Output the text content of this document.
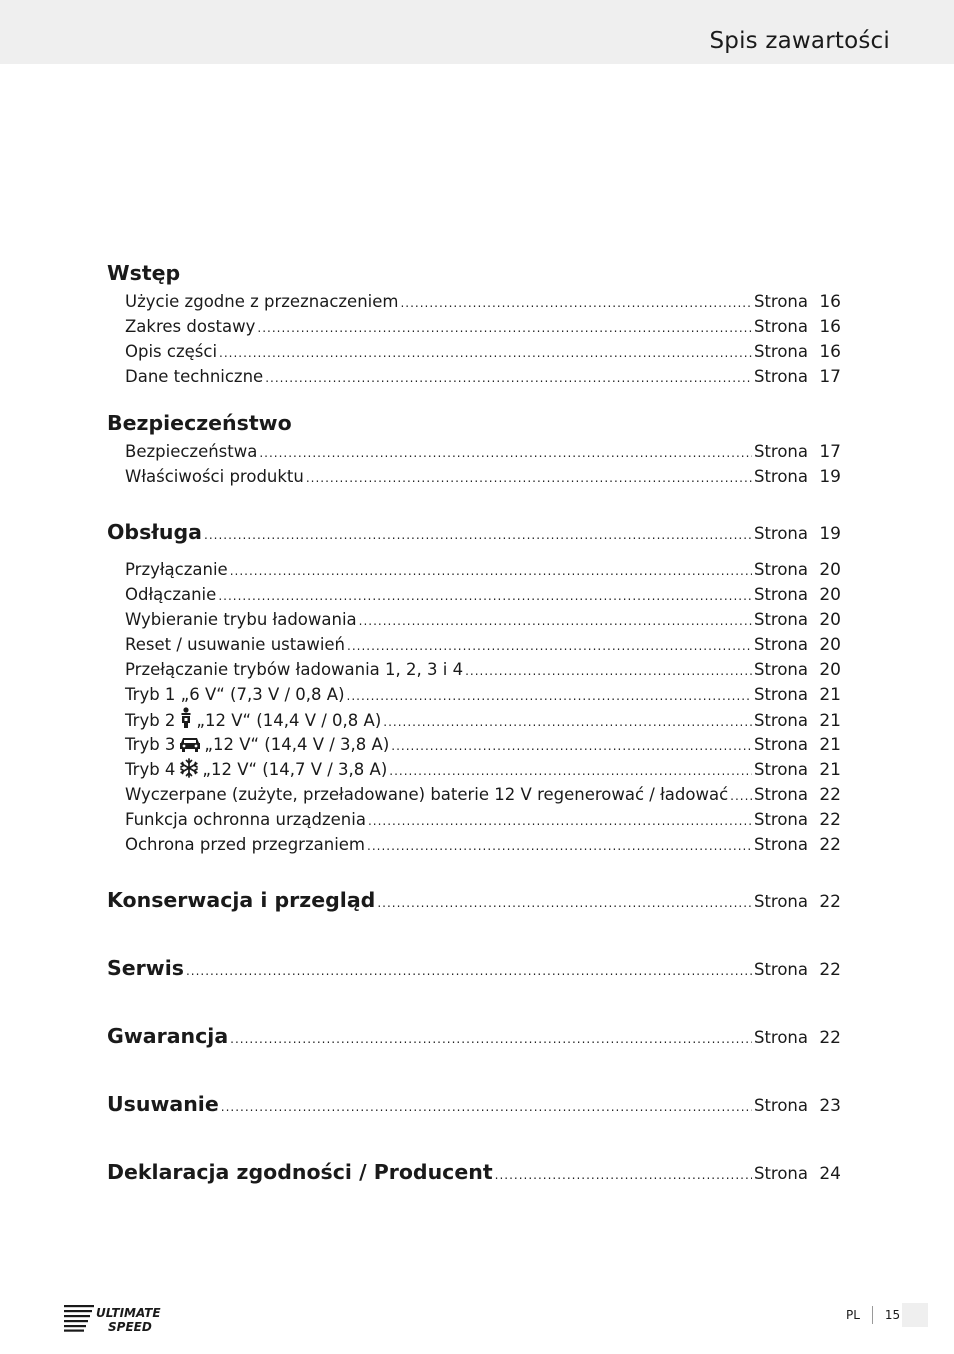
Spis zawartości
Wstęp
Użycie zgodne z przeznaczeniem .....	Strona 16
Zakres dostawy .....	Strona 16
Opis części .....	Strona 16
Dane techniczne .....	Strona 17
Bezpieczeństwo
Bezpieczeństwa .....	Strona 17
Właściwości produktu .....	Strona 19
Obsługa .....	Strona 19
Przyłączanie .....	Strona 20
Odłączanie .....	Strona 20
Wybieranie trybu ładowania .....	Strona 20
Reset / usuwanie ustawień .....	Strona 20
Przełączanie trybów ładowania 1, 2, 3 i 4 .....	Strona 20
Tryb 1 „6 V“ (7,3 V / 0,8 A) .....	Strona 21
Tryb 2 „12 V“ (14,4 V / 0,8 A) .....	Strona 21
Tryb 3 „12 V“ (14,4 V / 3,8 A) .....	Strona 21
Tryb 4 „12 V“ (14,7 V / 3,8 A) .....	Strona 21
Wyczerpane (zużyte, przeładowane) baterie 12 V regenerować / ładować ..... Strona 22
Funkcja ochronna urządzenia .....	Strona 22
Ochrona przed przegrzaniem .....	Strona 22
Konserwacja i przegląd .....	Strona 22
Serwis .....	Strona 22
Gwarancja .....	Strona 22
Usuwanie .....	Strona 23
Deklaracja zgodności / Producent .....	Strona 24
ULTIMATE
SPEED
PL 15
